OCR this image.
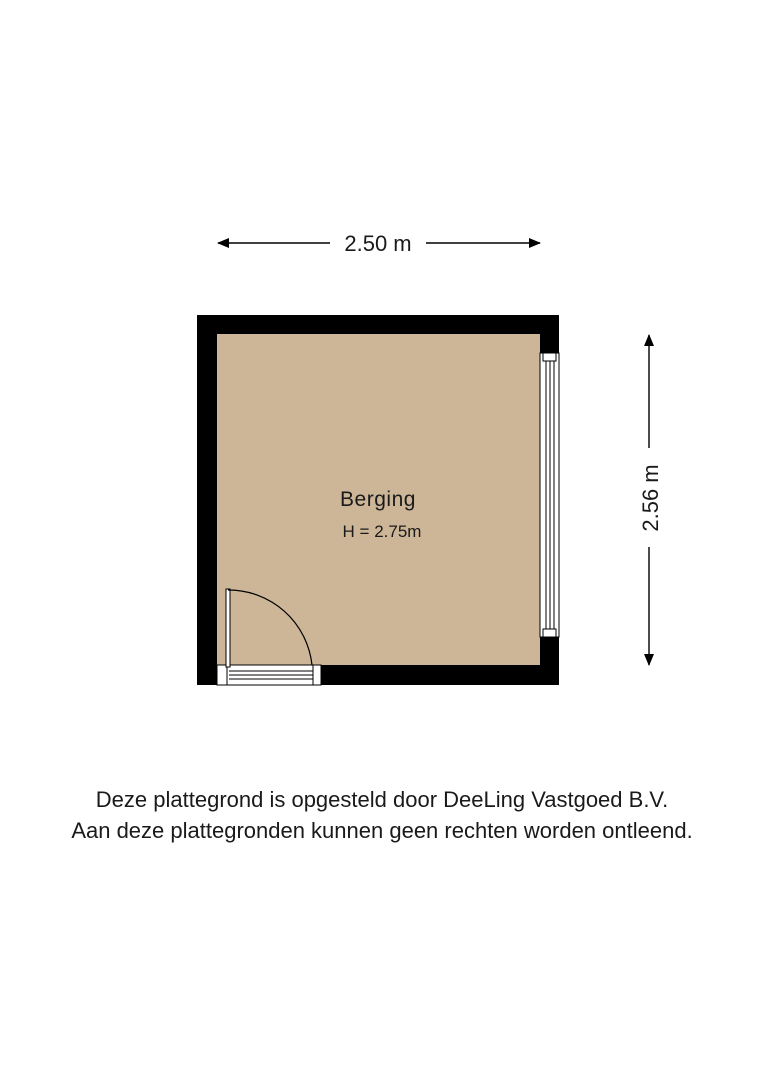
2.50 m
2.56 m
Berging
H = 2.75m
Deze plattegrond is opgesteld door DeeLing Vastgoed B.V.
Aan deze plattegronden kunnen geen rechten worden ontleend.
